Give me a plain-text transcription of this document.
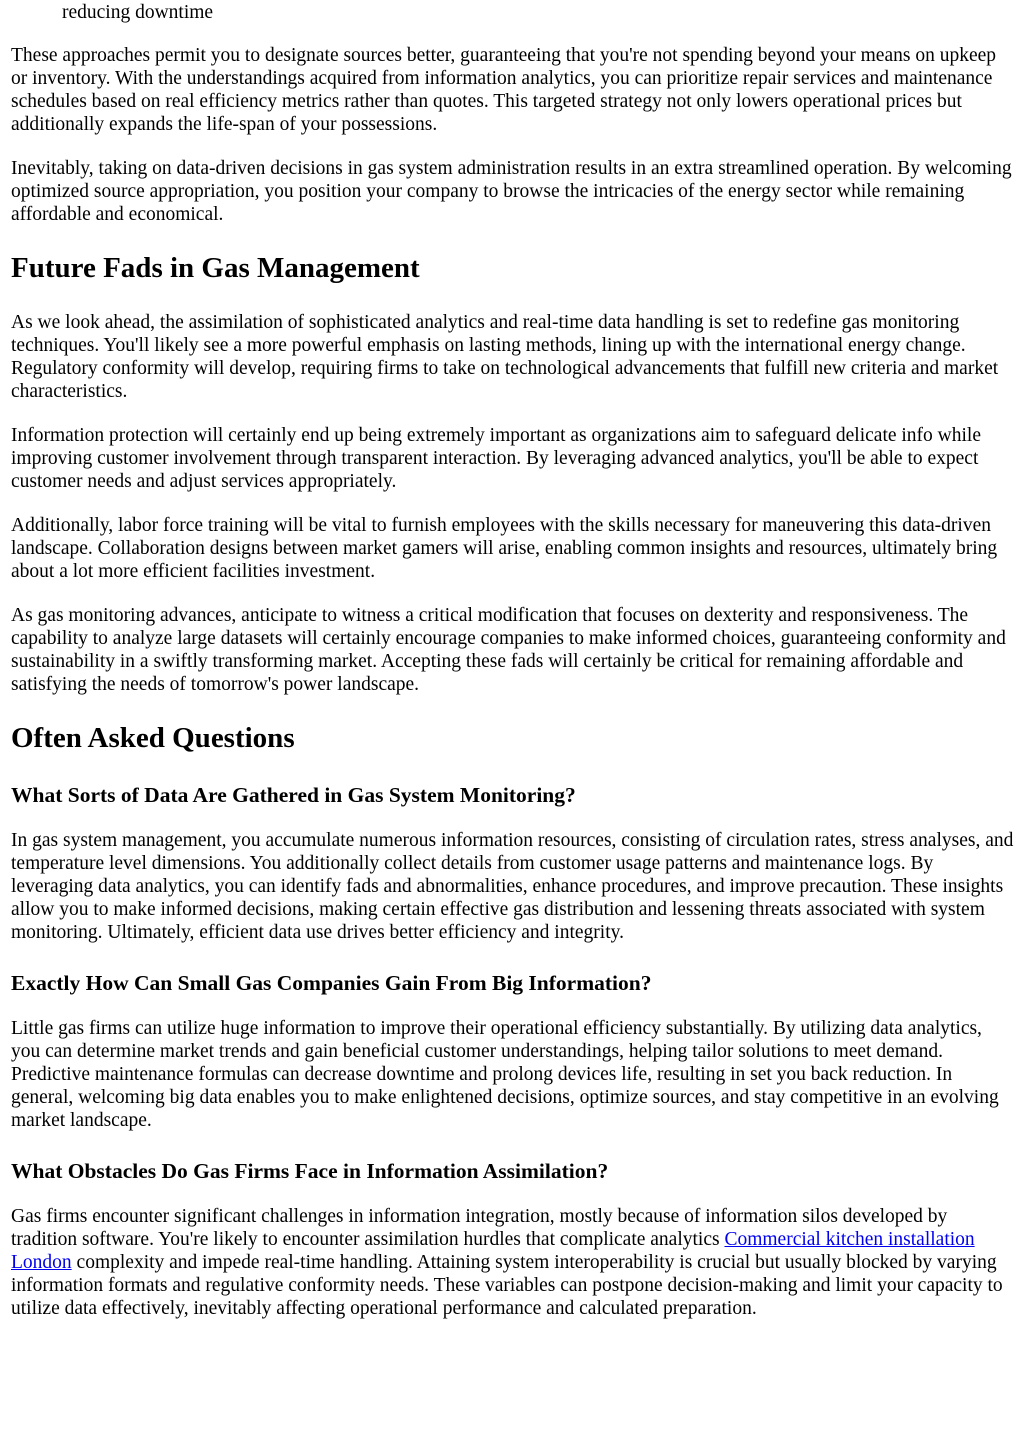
reducing downtime

These approaches permit you to designate sources better, guaranteeing that you're not spending beyond your means on upkeep or inventory. With the understandings acquired from information analytics, you can prioritize repair services and maintenance schedules based on real efficiency metrics rather than quotes. This targeted strategy not only lowers operational prices but additionally expands the life-span of your possessions.

Inevitably, taking on data-driven decisions in gas system administration results in an extra streamlined operation. By welcoming optimized source appropriation, you position your company to browse the intricacies of the energy sector while remaining affordable and economical.

Future Fads in Gas Management

As we look ahead, the assimilation of sophisticated analytics and real-time data handling is set to redefine gas monitoring techniques. You'll likely see a more powerful emphasis on lasting methods, lining up with the international energy change. Regulatory conformity will develop, requiring firms to take on technological advancements that fulfill new criteria and market characteristics.

Information protection will certainly end up being extremely important as organizations aim to safeguard delicate info while improving customer involvement through transparent interaction. By leveraging advanced analytics, you'll be able to expect customer needs and adjust services appropriately.

Additionally, labor force training will be vital to furnish employees with the skills necessary for maneuvering this data-driven landscape. Collaboration designs between market gamers will arise, enabling common insights and resources, ultimately bring about a lot more efficient facilities investment.

As gas monitoring advances, anticipate to witness a critical modification that focuses on dexterity and responsiveness. The capability to analyze large datasets will certainly encourage companies to make informed choices, guaranteeing conformity and sustainability in a swiftly transforming market. Accepting these fads will certainly be critical for remaining affordable and satisfying the needs of tomorrow's power landscape.

Often Asked Questions
What Sorts of Data Are Gathered in Gas System Monitoring?

In gas system management, you accumulate numerous information resources, consisting of circulation rates, stress analyses, and temperature level dimensions. You additionally collect details from customer usage patterns and maintenance logs. By leveraging data analytics, you can identify fads and abnormalities, enhance procedures, and improve precaution. These insights allow you to make informed decisions, making certain effective gas distribution and lessening threats associated with system monitoring. Ultimately, efficient data use drives better efficiency and integrity.

Exactly How Can Small Gas Companies Gain From Big Information?

Little gas firms can utilize huge information to improve their operational efficiency substantially. By utilizing data analytics, you can determine market trends and gain beneficial customer understandings, helping tailor solutions to meet demand. Predictive maintenance formulas can decrease downtime and prolong devices life, resulting in set you back reduction. In general, welcoming big data enables you to make enlightened decisions, optimize sources, and stay competitive in an evolving market landscape.

What Obstacles Do Gas Firms Face in Information Assimilation?

Gas firms encounter significant challenges in information integration, mostly because of information silos developed by tradition software. You're likely to encounter assimilation hurdles that complicate analytics Commercial kitchen installation London complexity and impede real-time handling. Attaining system interoperability is crucial but usually blocked by varying information formats and regulative conformity needs. These variables can postpone decision-making and limit your capacity to utilize data effectively, inevitably affecting operational performance and calculated preparation.
